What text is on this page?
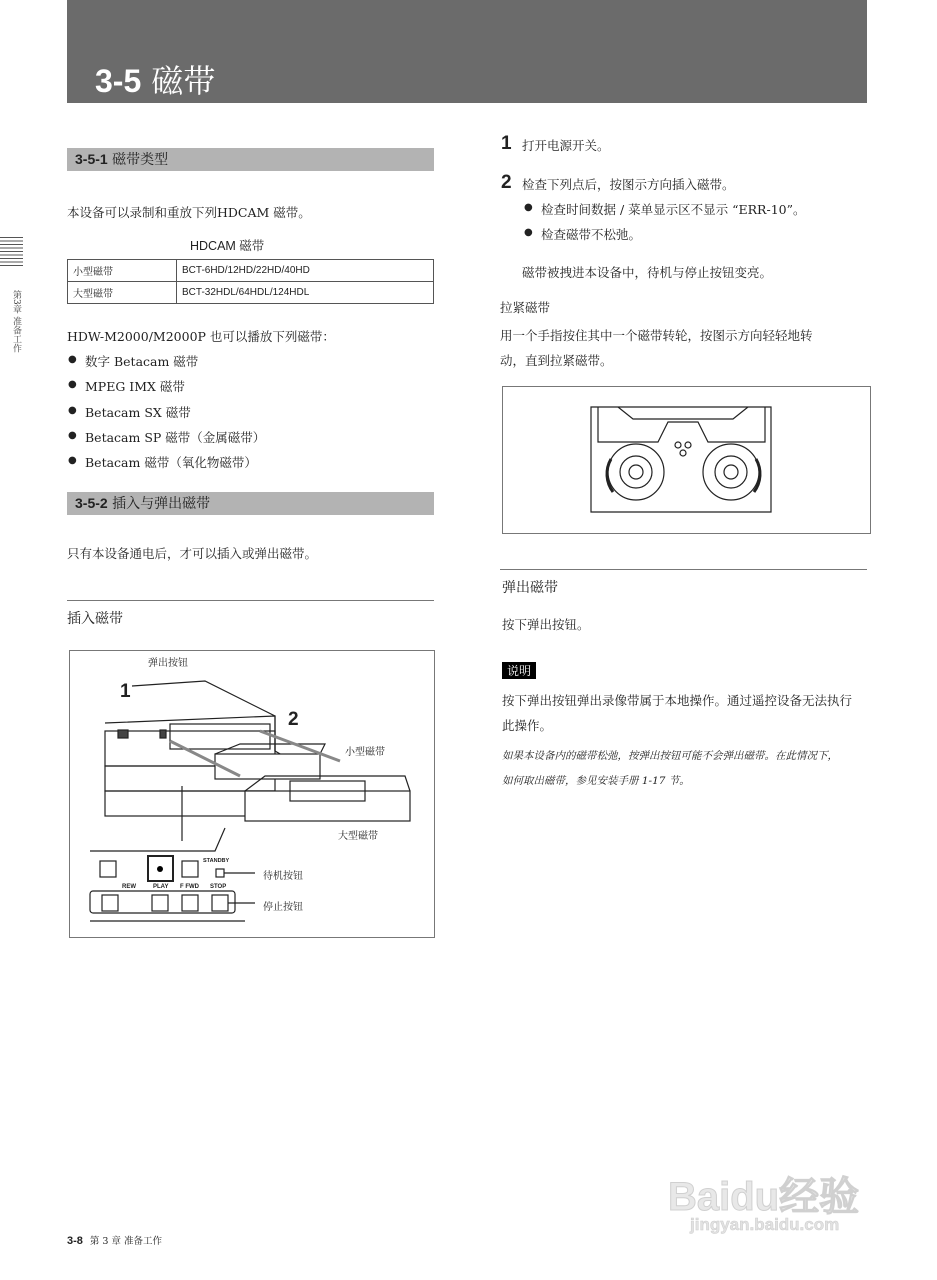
3-5 磁带
第3章 准备工作
3-5-1 磁带类型
本设备可以录制和重放下列HDCAM 磁带。
HDCAM 磁带
小型磁带	BCT-6HD/12HD/22HD/40HD
大型磁带	BCT-32HDL/64HDL/124HDL
HDW-M2000/M2000P 也可以播放下列磁带：
● 数字 Betacam 磁带
● MPEG IMX 磁带
● Betacam SX 磁带
● Betacam SP 磁带（金属磁带）
● Betacam 磁带（氧化物磁带）
3-5-2 插入与弹出磁带
只有本设备通电后，才可以插入或弹出磁带。
插入磁带
弹出按钮
1
2
小型磁带
大型磁带
STANDBY
REW	PLAY F FWD STOP
待机按钮
停止按钮
1 打开电源开关。
2 检查下列点后，按图示方向插入磁带。
● 检查时间数据 / 菜单显示区不显示 “ERR-10”。
● 检查磁带不松弛。
磁带被拽进本设备中，待机与停止按钮变亮。
拉紧磁带
用一个手指按住其中一个磁带转轮，按图示方向轻轻地转
动，直到拉紧磁带。
弹出磁带
按下弹出按钮。
说明
按下弹出按钮弹出录像带属于本地操作。通过遥控设备无法执行
此操作。
如果本设备内的磁带松弛，按弹出按钮可能不会弹出磁带。在此情况下，
如何取出磁带，参见安装手册 1-17 节。
3-8 第 3 章 准备工作
Baidu经验
jingyan.baidu.com
